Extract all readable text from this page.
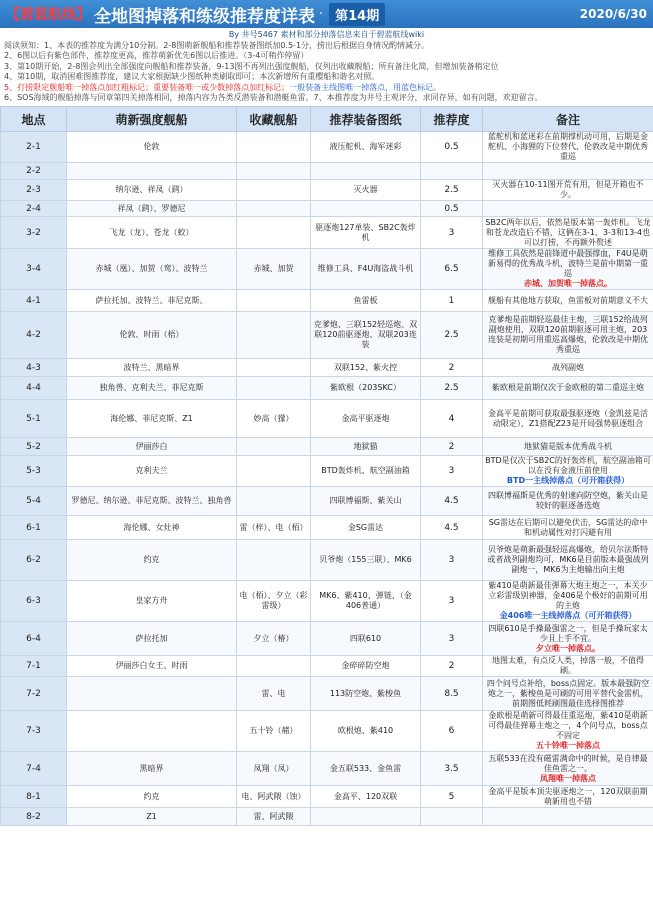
【碧蓝航线】 全地图掉落和练级推荐度详表 · 第14期	2020/6/30
By 井号5467 素材和部分掉落信息来自于碧蓝航线wiki
阅读须知：1、本表的推荐度为满分10分制。2-8图萌新舰船和推荐装备图纸加0.5-1分，捞出后根据自身情况酌情减分。
2、6图以后有紫色部件，推荐度更高，推荐萌新优先6图以后推进。（3-4可稍作停留）
3、第10期开始，2-8图会列出全部强度向舰船和推荐装备，9-13图不再列出强度舰船，仅列出收藏舰船；所有备注化简，但增加装备稍定位
4、第10期，取消困难图推荐度，建议大家根据缺少图纸种类刷取即可；本次新增所有重樱船和谐名对照。
5、打捞限定舰船唯一掉落点加红粗标记；重要装备唯一或少数掉落点加红标记；一般装备主线图唯一掉落点，用蓝色标记。
6、SOS海域的舰船掉落与同章第四关掉落相同，掉落内容为各类反潜装备和潜艇鱼雷。7、本推荐度为井号主观评分，求同存异，如有问题，欢迎留言。
地点	萌新强度舰船	收藏舰船	推荐装备图纸	推荐度	备注
2-1	伦敦		液压舵机、海军迷彩	0.5	蓝舵机和蓝迷彩在前期撑机动可用，后期是金舵机、小海狸的下位替代，伦敦改是中期优秀重巡

2-2					

2-3	纳尔逊、祥凤（鹞）		灭火器	2.5	灭火器在10-11图开荒有用，但是开箱也不少。

2-4	祥凤（鹞）、罗德尼			0.5	

3-2	飞龙（龙）、苍龙（蛟）		驱逐炮127单装、SB2C轰炸机	3	SB2C两年以后，依然是版本第一轰炸机。飞龙和苍龙改造后不错，这俩在3-1、3-3和13-4也可以打捞，不再额外赘述

3-4	赤城（凰）、加贺（鸾）、波特兰	赤城、加贺	维修工具、F4U海盗战斗机	6.5	维修工具依然是前锋道中最强撑血，F4U是萌新易得的优秀战斗机，波特兰是前中期第一重巡
赤城、加贺唯一掉落点。

4-1	萨拉托加、波特兰、菲尼克斯、		鱼雷板	1	舰船有其他地方获取，鱼雷板对前期意义不大

4-2	伦敦、时雨（梧）		克爹炮、三联152轻巡炮、双联120前驱逐炮、双联203连装	2.5	克爹炮是前期轻巡最佳主炮，三联152给战列副炮使用，双联120前期驱逐可用主炮，203连装是初期可用重巡高爆炮，伦敦改是中期优秀重巡

4-3	波特兰、黑暗界		双联152、紫火控	2	战列副炮

4-4	独角兽、克利夫兰、菲尼克斯		紫欧根（203SKC）	2.5	紫欧根是前期仅次于金欧根的第二重巡主炮

5-1	海伦娜、菲尼克斯、Z1	妙高（獴）	金高平驱逐炮	4	金高平是前期可获取最强驱逐炮（金凯兹是活动限定），Z1搭配Z23是开局强势驱逐组合

5-2	伊丽莎白		地狱猫	2	地狱猫是版本优秀战斗机

5-3	克利夫兰		BTD轰炸机、航空副油箱	3	BTD是仅次于SB2C的好轰炸机，航空副油箱可以在没有金液压前使用
BTD一主线掉落点（可开箱获得）

5-4	罗德尼、纳尔逊、菲尼克斯、波特兰、独角兽		四联博福斯、紫关山	4.5	四联博福斯是优秀的射速向防空炮，紫关山是较好的驱逐备选炮

6-1	海伦娜、女灶神	雷（梓）、电（栢）	金SG雷达	4.5	SG雷达在后期可以避免伏击，SG雷达的命中和机动属性对打闪避有用

6-2	约克		贝爷炮（155三联）、MK6	3	贝爷炮是萌新最强轻巡高爆炮，给贝尔法斯特或者战列副炮均可，MK6是目前版本最强战列副炮一，MK6为主炮输出向主炮

6-3	皇家方舟	电（栢）、夕立（彩雷级）	MK6、紫410、弹链、（金406普通）	3	紫410是萌新最佳弹幕大炮主炮之一，本关少立彩雷级别神器，金406是个极好的前期可用的主炮
金406唯一主线掉落点（可开箱获得）

6-4	萨拉托加	夕立（椿）	四联610	3	四联610是手操最强雷之一，但是手操玩家太少且上手不宜。
夕立唯一掉落点。

7-1	伊丽莎白女王、时雨		金碎碎防空炮	2	地图太难，有点反人类，掉落一般，不值得刷。

7-2		雷、电	113防空炮、紫梭鱼	8.5	四个问号点补给，boss点固定。版本最强防空炮之一，紫梭鱼是可刷的可用平替代金雷机，前期图低耗刷图最佳选择图推荐

7-3		五十铃（赭）	欧根炮、紫410	6	金欧根是萌新可得最佳重巡炮，紫410是萌新可得最佳弹幕主炮之一，4个问号点，boss点不固定
五十铃唯一掉落点

7-4	黑暗界	凤翔（凤）	金五联533、金鱼雷	3.5	五联533在没有磁雷满命中的时候，是自律最佳鱼雷之一。
凤翔唯一掉落点

8-1	约克	电、阿武隈（蚀）	金高平、120双联	5	金高平是版本顶尖驱逐炮之一，120双联前期萌新用也不错

8-2	Z1	雷、阿武隈			
